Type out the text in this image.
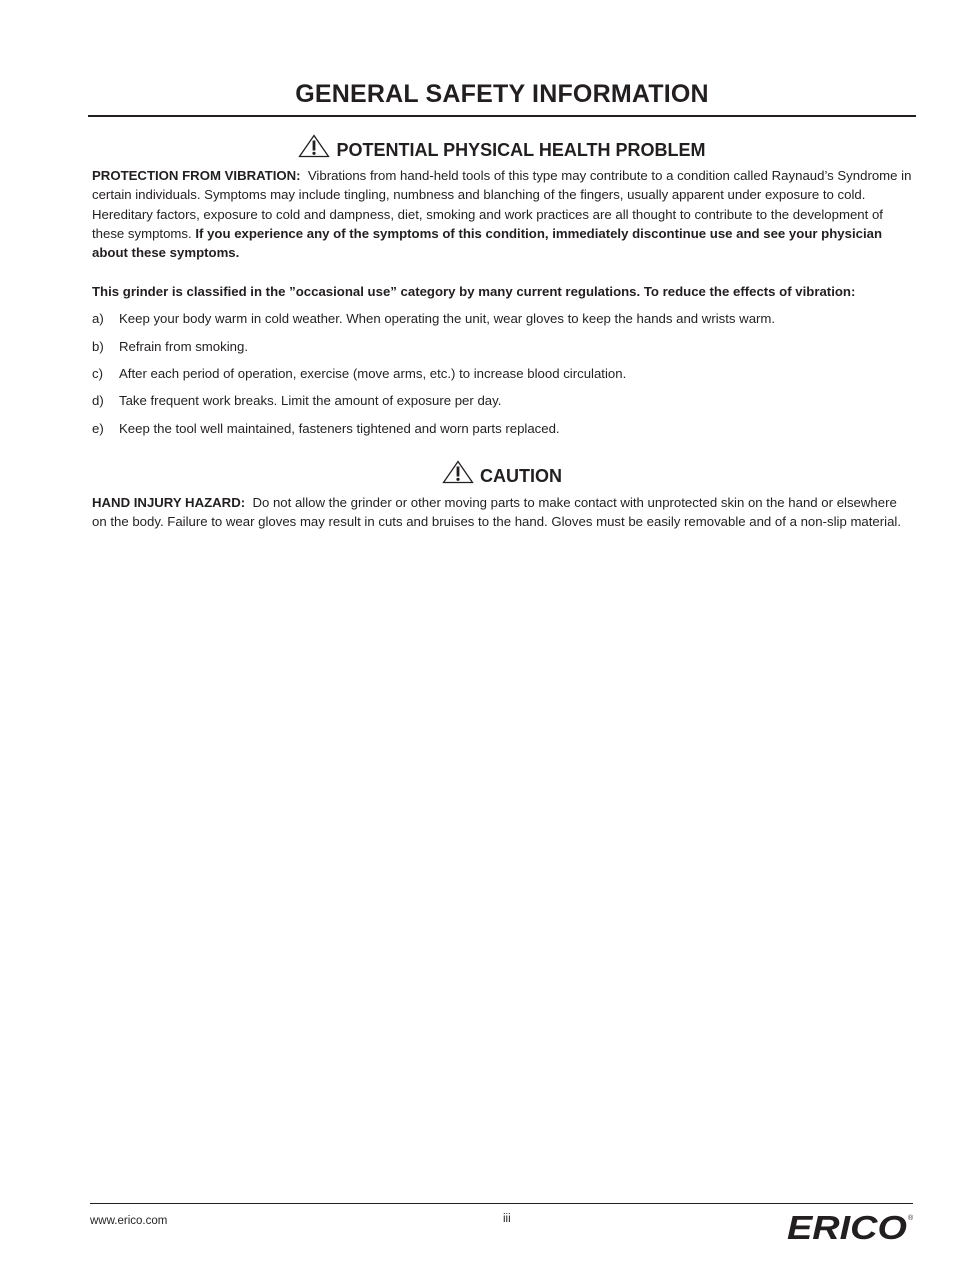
GENERAL SAFETY INFORMATION
POTENTIAL PHYSICAL HEALTH PROBLEM
PROTECTION FROM VIBRATION: Vibrations from hand-held tools of this type may contribute to a condition called Raynaud’s Syndrome in certain individuals. Symptoms may include tingling, numbness and blanching of the fingers, usually apparent under exposure to cold. Hereditary factors, exposure to cold and dampness, diet, smoking and work practices are all thought to contribute to the development of these symptoms. If you experience any of the symptoms of this condition, immediately discontinue use and see your physician about these symptoms.
This grinder is classified in the ”occasional use” category by many current regulations. To reduce the effects of vibration:
a) Keep your body warm in cold weather. When operating the unit, wear gloves to keep the hands and wrists warm.
b) Refrain from smoking.
c) After each period of operation, exercise (move arms, etc.) to increase blood circulation.
d) Take frequent work breaks. Limit the amount of exposure per day.
e) Keep the tool well maintained, fasteners tightened and worn parts replaced.
CAUTION
HAND INJURY HAZARD: Do not allow the grinder or other moving parts to make contact with unprotected skin on the hand or elsewhere on the body. Failure to wear gloves may result in cuts and bruises to the hand. Gloves must be easily removable and of a non-slip material.
www.erico.com	iii	ERICO ®
